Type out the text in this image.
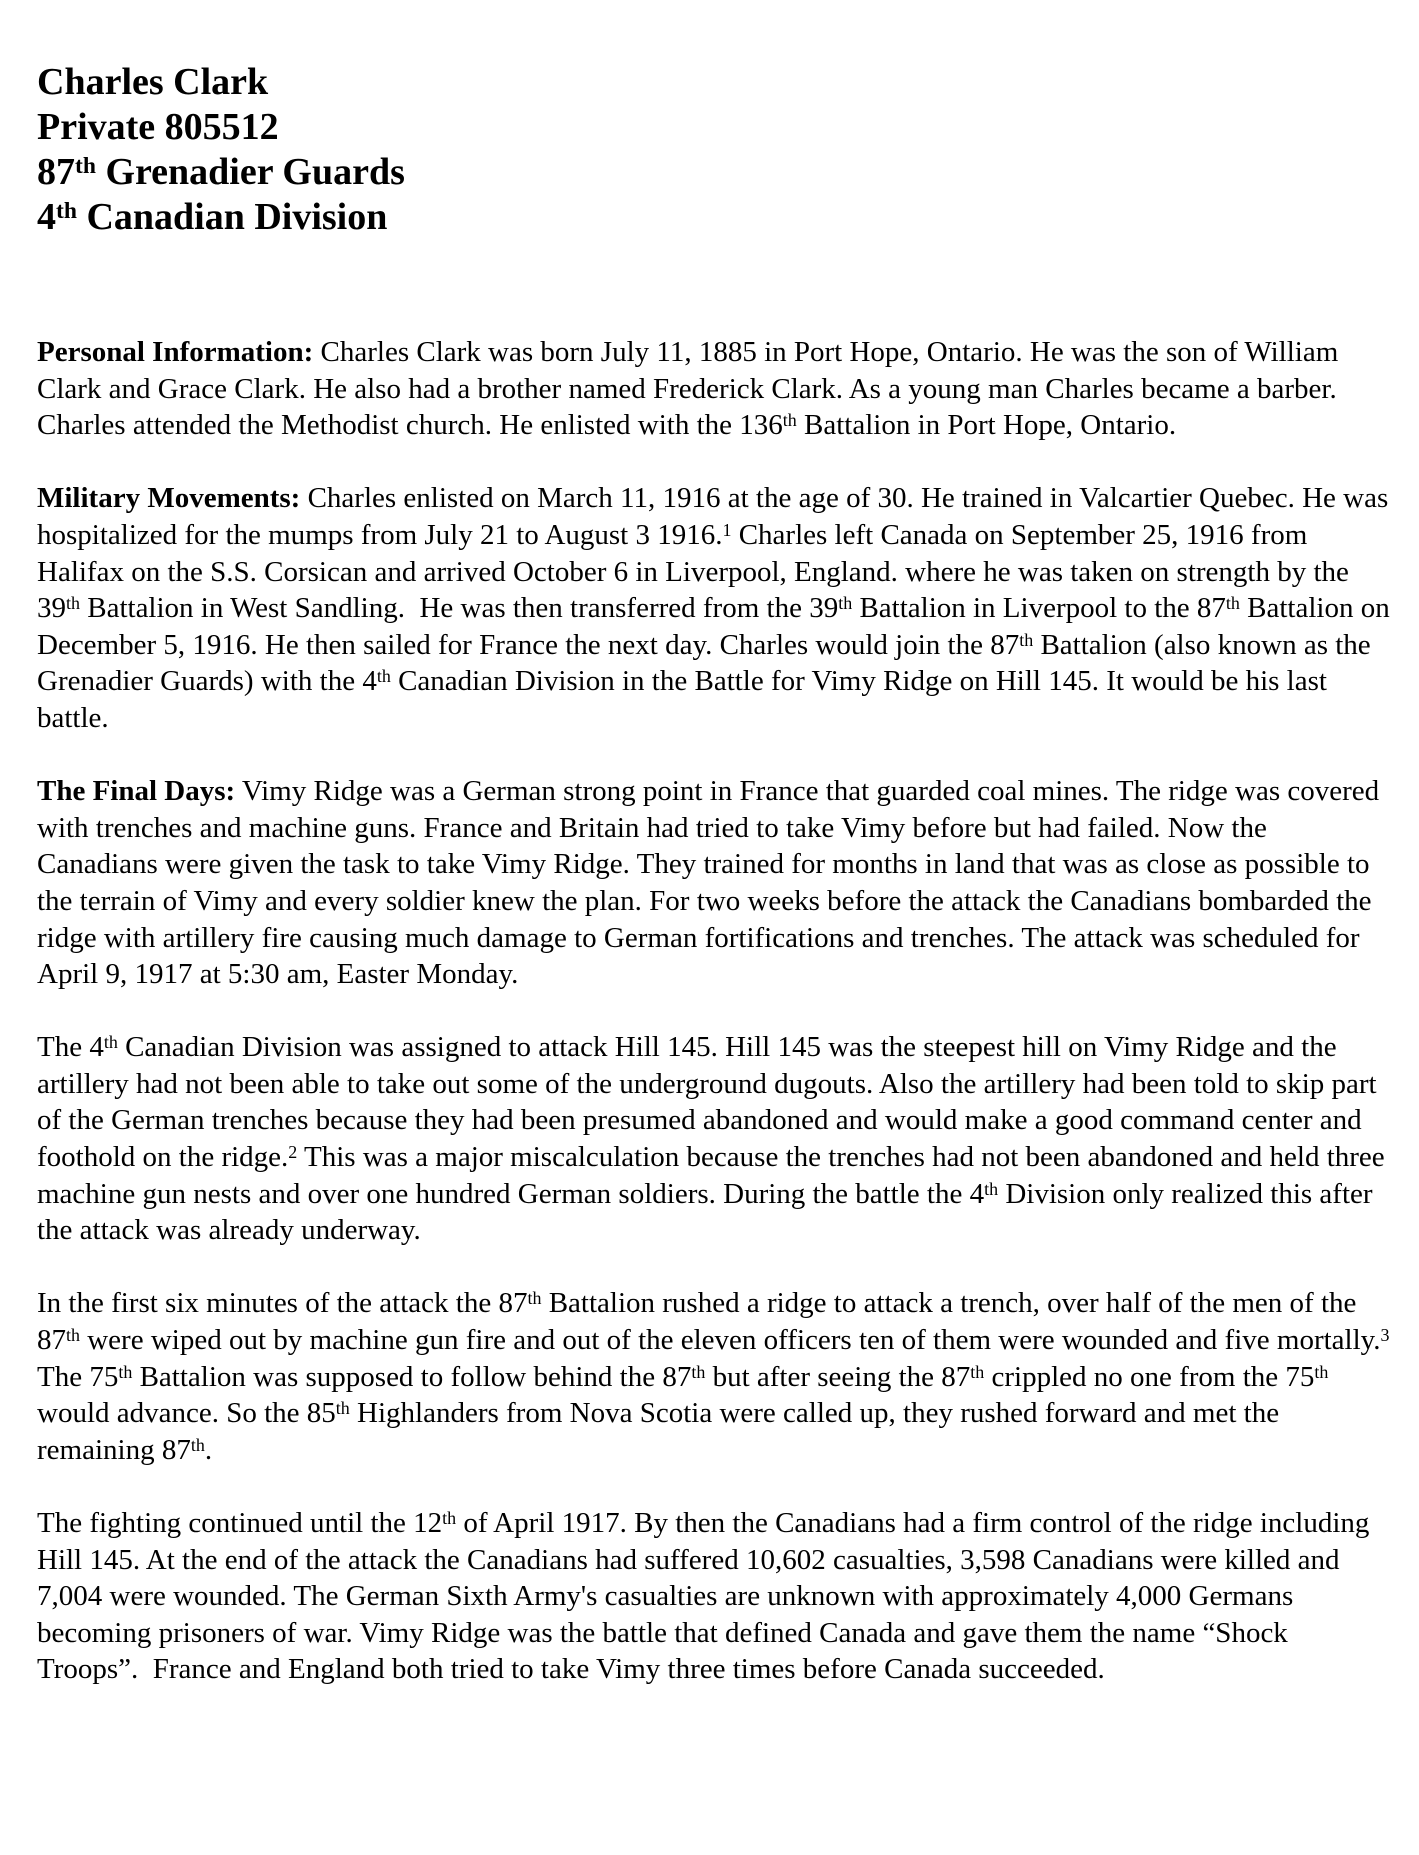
Charles Clark
Private 805512
87th Grenadier Guards
4th Canadian Division

Personal Information: Charles Clark was born July 11, 1885 in Port Hope, Ontario. He was the son of William Clark and Grace Clark. He also had a brother named Frederick Clark. As a young man Charles became a barber. Charles attended the Methodist church. He enlisted with the 136th Battalion in Port Hope, Ontario.

Military Movements: Charles enlisted on March 11, 1916 at the age of 30. He trained in Valcartier Quebec. He was hospitalized for the mumps from July 21 to August 3 1916.$^1$ Charles left Canada on September 25, 1916 from Halifax on the S.S. Corsican and arrived October 6 in Liverpool, England. where he was taken on strength by the 39th Battalion in West Sandling.  He was then transferred from the 39th Battalion in Liverpool to the 87th Battalion on December 5, 1916. He then sailed for France the next day. Charles would join the 87th Battalion (also known as the Grenadier Guards) with the 4th Canadian Division in the Battle for Vimy Ridge on Hill 145. It would be his last battle.

The Final Days: Vimy Ridge was a German strong point in France that guarded coal mines. The ridge was covered with trenches and machine guns. France and Britain had tried to take Vimy before but had failed. Now the Canadians were given the task to take Vimy Ridge. They trained for months in land that was as close as possible to the terrain of Vimy and every soldier knew the plan. For two weeks before the attack the Canadians bombarded the ridge with artillery fire causing much damage to German fortifications and trenches. The attack was scheduled for April 9, 1917 at 5:30 am, Easter Monday.

The 4th Canadian Division was assigned to attack Hill 145. Hill 145 was the steepest hill on Vimy Ridge and the artillery had not been able to take out some of the underground dugouts. Also the artillery had been told to skip part of the German trenches because they had been presumed abandoned and would make a good command center and foothold on the ridge.$^2$ This was a major miscalculation because the trenches had not been abandoned and held three machine gun nests and over one hundred German soldiers. During the battle the 4th Division only realized this after the attack was already underway.

In the first six minutes of the attack the 87th Battalion rushed a ridge to attack a trench, over half of the men of the 87th were wiped out by machine gun fire and out of the eleven officers ten of them were wounded and five mortally.$^3$ The 75th Battalion was supposed to follow behind the 87th but after seeing the 87th crippled no one from the 75th would advance. So the 85th Highlanders from Nova Scotia were called up, they rushed forward and met the remaining 87th.

The fighting continued until the 12th of April 1917. By then the Canadians had a firm control of the ridge including Hill 145. At the end of the attack the Canadians had suffered 10,602 casualties, 3,598 Canadians were killed and 7,004 were wounded. The German Sixth Army's casualties are unknown with approximately 4,000 Germans becoming prisoners of war. Vimy Ridge was the battle that defined Canada and gave them the name “Shock Troops”.  France and England both tried to take Vimy three times before Canada succeeded.
